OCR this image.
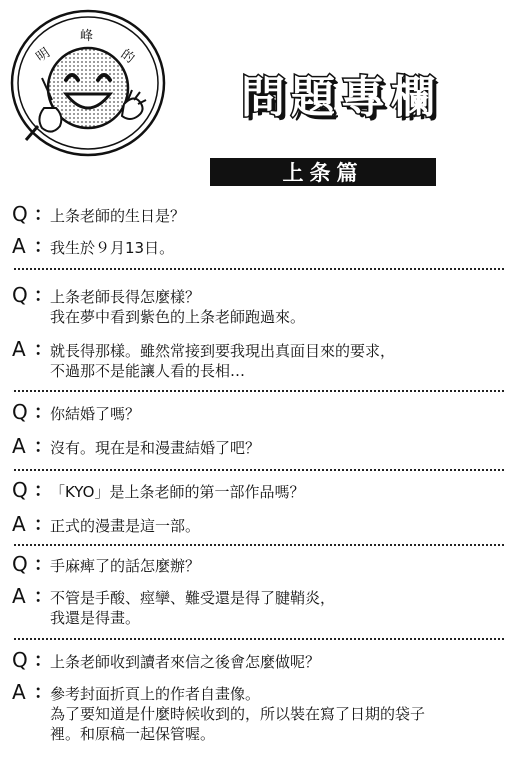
明
峰
的
問題專欄
上条篇
Q ：
上条老師的生日是？
A ：
我生於９月13日。
Q ：
上条老師長得怎麼樣？
我在夢中看到紫色的上条老師跑過來。
A ：
就長得那樣。雖然常接到要我現出真面目來的要求，
不過那不是能讓人看的長相…
Q ：
你結婚了嗎？
A ：
沒有。現在是和漫畫結婚了吧？
Q ：
「KYO」是上条老師的第一部作品嗎？
A ：
正式的漫畫是這一部。
Q ：
手麻痺了的話怎麼辦？
A ：
不管是手酸、痙攣、難受還是得了腱鞘炎，
我還是得畫。
Q ：
上条老師收到讀者來信之後會怎麼做呢？
A ：
參考封面折頁上的作者自畫像。
為了要知道是什麼時候收到的，所以裝在寫了日期的袋子
裡。和原稿一起保管喔。
